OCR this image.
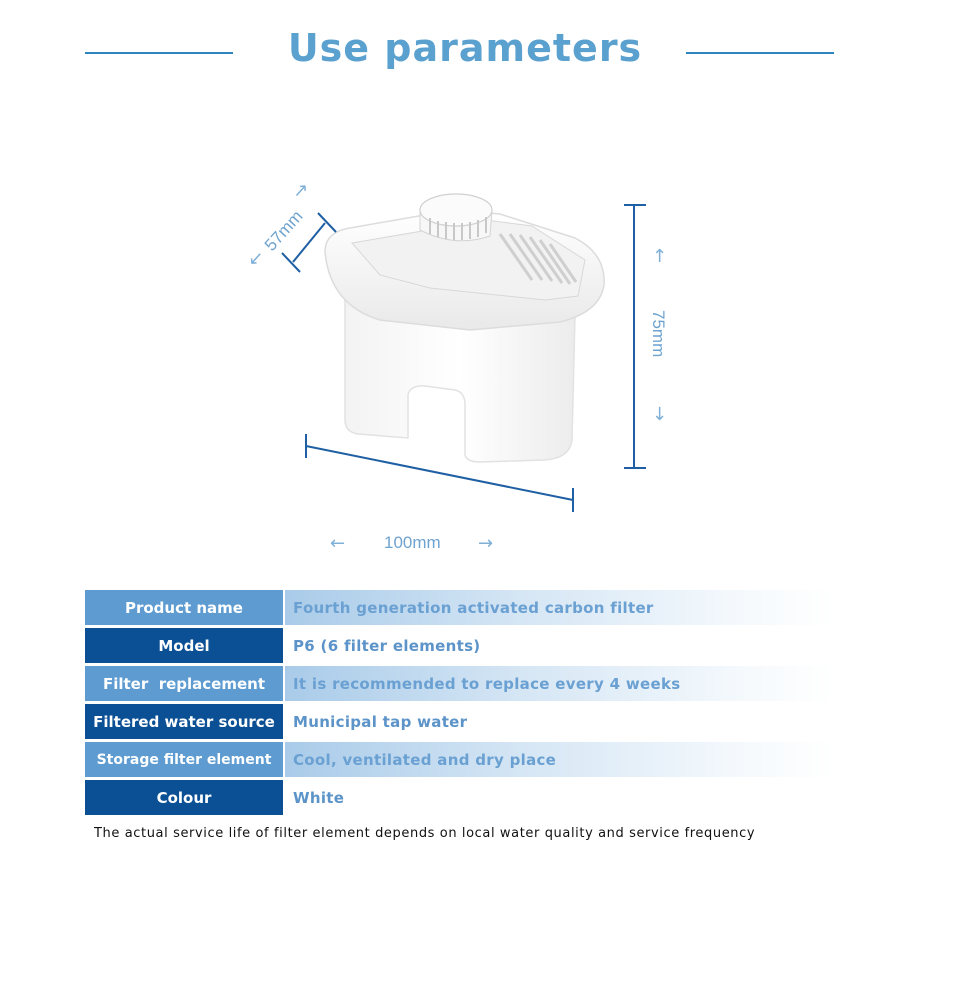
Use parameters
57mm
←
→
↑
75mm
↓
← 100mm →
Product name	Fourth generation activated carbon filter
Model	P6 (6 filter elements)
Filter  replacement	It is recommended to replace every 4 weeks
Filtered water source	Municipal tap water
Storage filter element	Cool, ventilated and dry place
Colour	White
The actual service life of filter element depends on local water quality and service frequency
